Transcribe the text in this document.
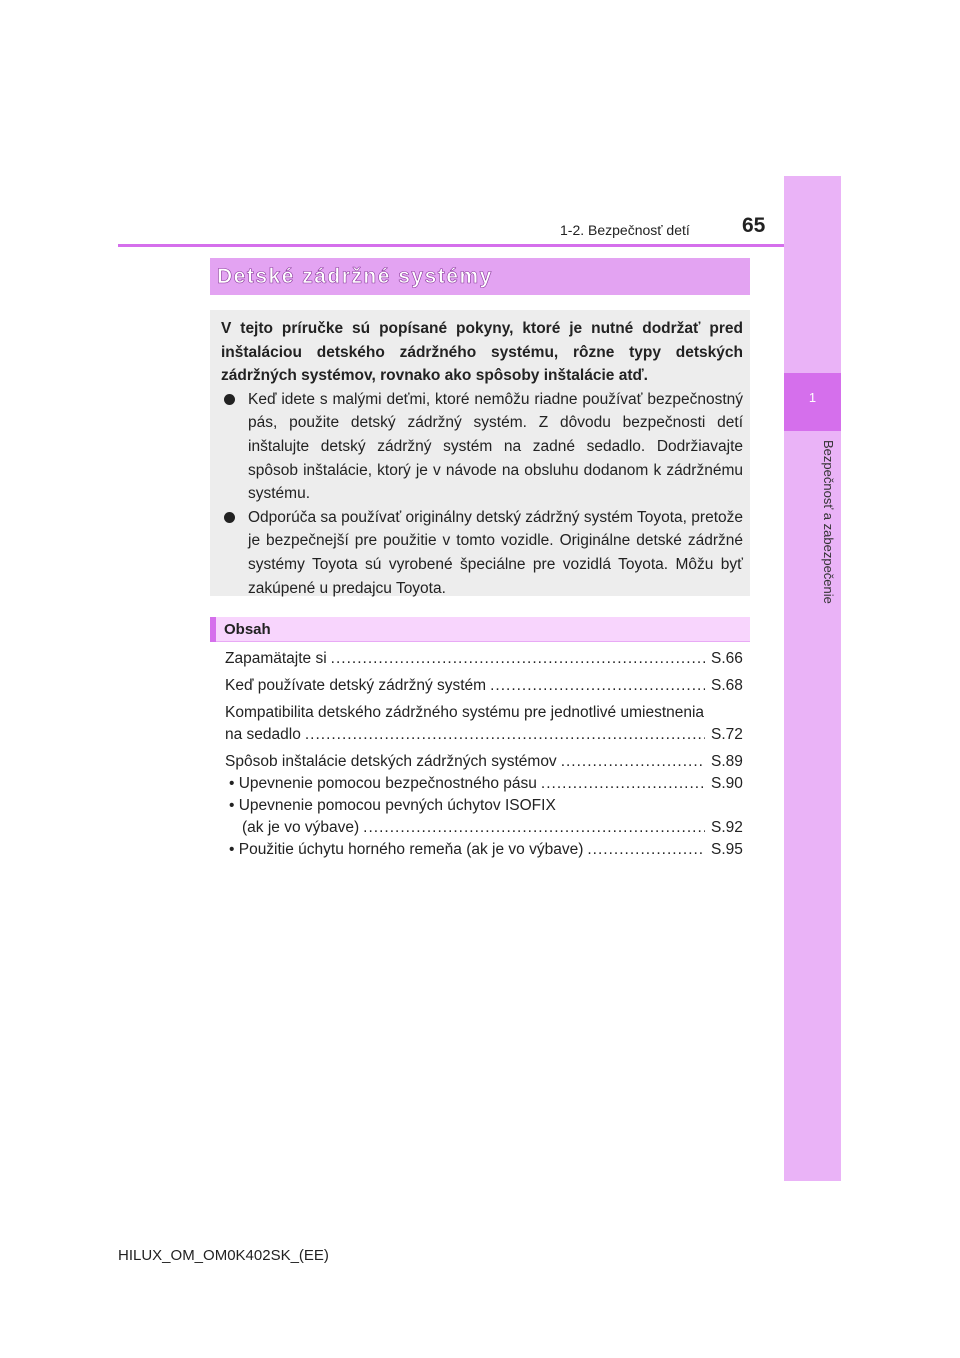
1
Bezpečnosť a zabezpečenie
1-2. Bezpečnosť detí 65
Detské zádržné systémy

V tejto príručke sú popísané pokyny, ktoré je nutné dodržať pred inštaláciou detského zádržného systému, rôzne typy detských zádržných systémov, rovnako ako spôsoby inštalácie atď.

Keď idete s malými deťmi, ktoré nemôžu riadne používať bezpečnostný pás, použite detský zádržný systém. Z dôvodu bezpečnosti detí inštalujte detský zádržný systém na zadné sedadlo. Dodržiavajte spôsob inštalácie, ktorý je v návode na obsluhu dodanom k zádržnému systému.
Odporúča sa používať originálny detský zádržný systém Toyota, pretože je bezpečnejší pre použitie v tomto vozidle. Originálne detské zádržné systémy Toyota sú vyrobené špeciálne pre vozidlá Toyota. Môžu byť zakúpené u predajcu Toyota.
Obsah
Zapamätajte si .....	S.66
Keď používate detský zádržný systém .....	S.68
Kompatibilita detského zádržného systému pre jednotlivé umiestnenia
na sedadlo .....	S.72
Spôsob inštalácie detských zádržných systémov .....	S.89
• Upevnenie pomocou bezpečnostného pásu .....	S.90
• Upevnenie pomocou pevných úchytov ISOFIX
(ak je vo výbave) .....	S.92
• Použitie úchytu horného remeňa (ak je vo výbave) .....	S.95
HILUX_OM_OM0K402SK_(EE)
